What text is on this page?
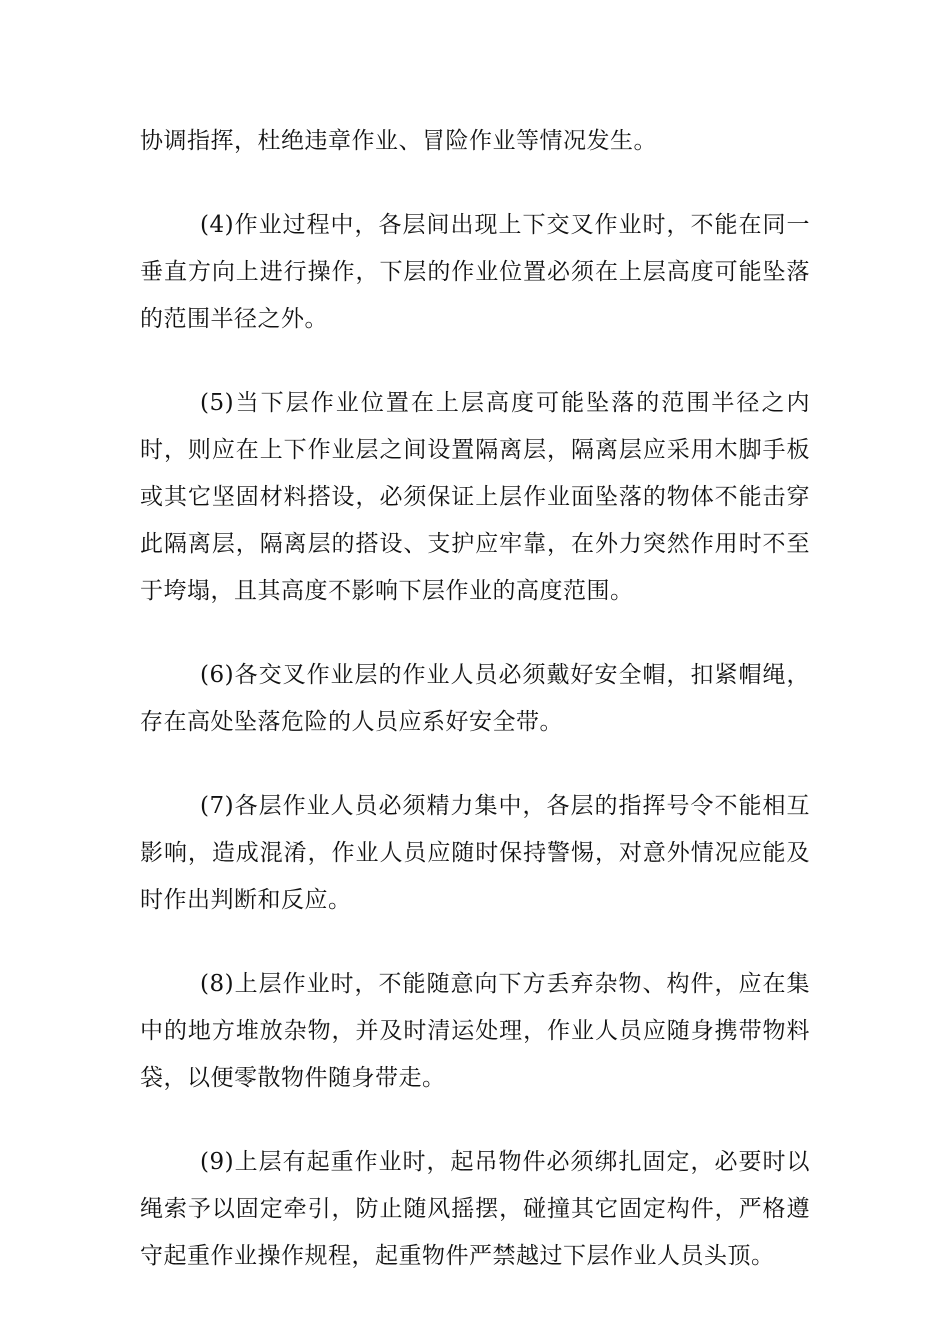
协调指挥，杜绝违章作业、冒险作业等情况发生。

(4)作业过程中，各层间出现上下交叉作业时，不能在同一垂直方向上进行操作，下层的作业位置必须在上层高度可能坠落的范围半径之外。

(5)当下层作业位置在上层高度可能坠落的范围半径之内时，则应在上下作业层之间设置隔离层，隔离层应采用木脚手板或其它坚固材料搭设，必须保证上层作业面坠落的物体不能击穿此隔离层，隔离层的搭设、支护应牢靠，在外力突然作用时不至于垮塌，且其高度不影响下层作业的高度范围。

(6)各交叉作业层的作业人员必须戴好安全帽，扣紧帽绳，存在高处坠落危险的人员应系好安全带。

(7)各层作业人员必须精力集中，各层的指挥号令不能相互影响，造成混淆，作业人员应随时保持警惕，对意外情况应能及时作出判断和反应。

(8)上层作业时，不能随意向下方丢弃杂物、构件，应在集中的地方堆放杂物，并及时清运处理，作业人员应随身携带物料袋，以便零散物件随身带走。

(9)上层有起重作业时，起吊物件必须绑扎固定，必要时以绳索予以固定牵引，防止随风摇摆，碰撞其它固定构件，严格遵守起重作业操作规程，起重物件严禁越过下层作业人员头顶。
